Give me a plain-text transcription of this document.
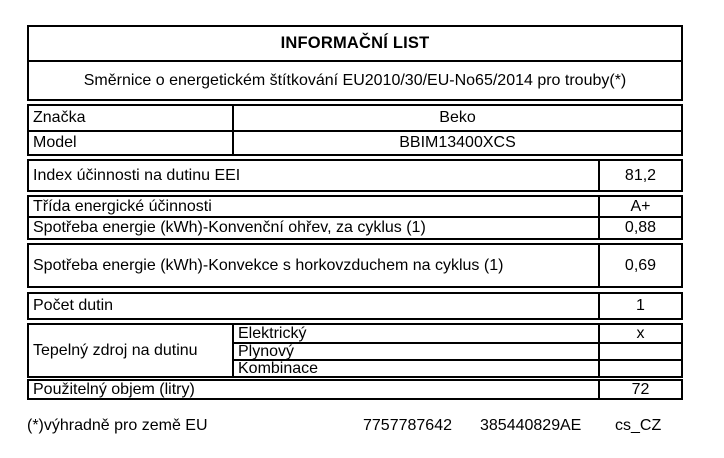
INFORMAČNÍ LIST
Směrnice o energetickém štítkování EU2010/30/EU-No65/2014 pro trouby(*)
Značka	Beko
Model	BBIM13400XCS
Index účinnosti na dutinu EEI	81,2
Třída energické účinnosti	A+
Spotřeba energie (kWh)-Konvenční ohřev, za cyklus (1)	0,88
Spotřeba energie (kWh)-Konvekce s horkovzduchem na cyklus (1)	0,69
Počet dutin	1
Tepelný zdroj na dutinu
Elektrický	x
Plynový
Kombinace
Použitelný objem (litry)	72
(*)výhradně pro země EU	7757787642 385440829 AE cs_CZ
